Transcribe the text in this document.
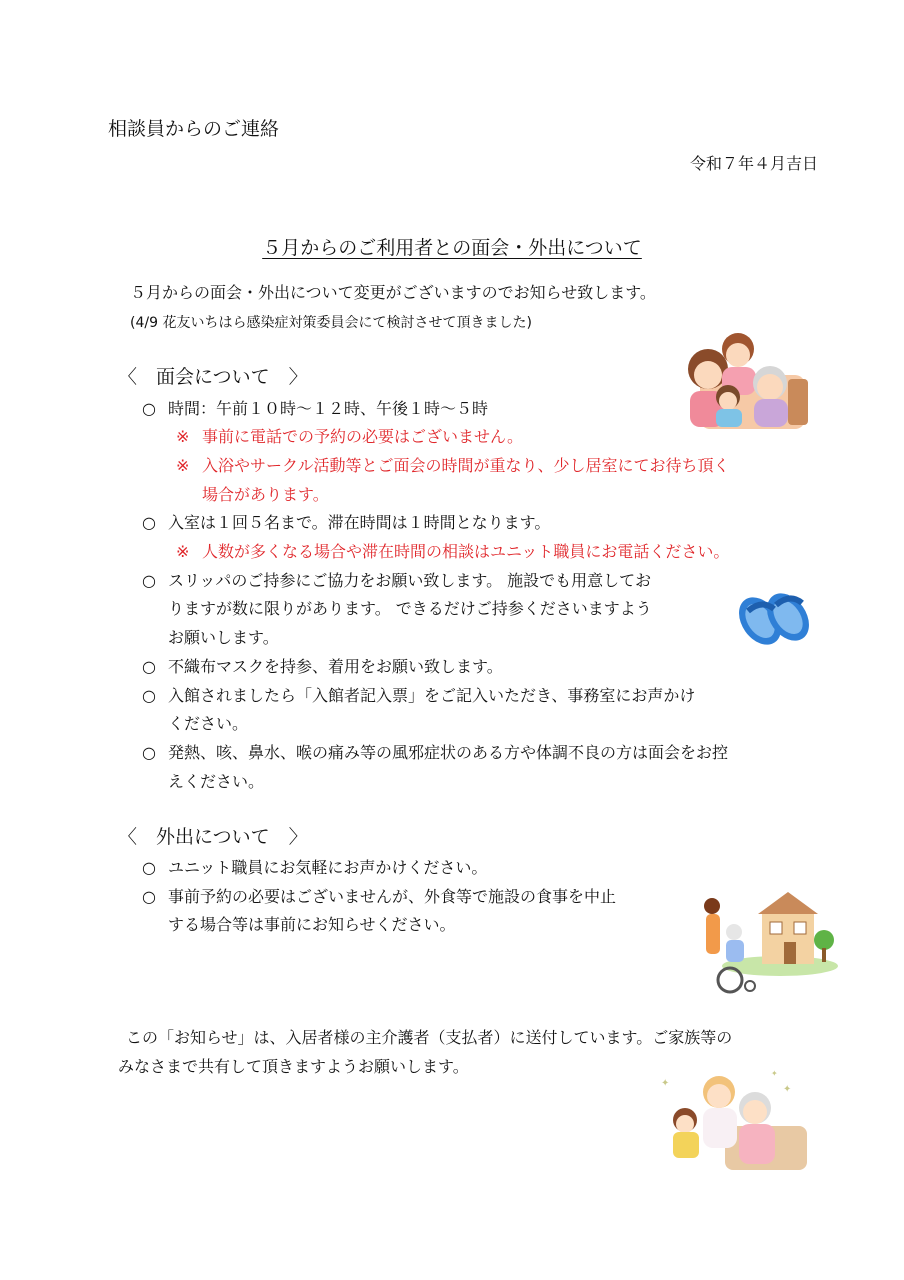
相談員からのご連絡
令和７年４月吉日
５月からのご利用者との面会・外出について
５月からの面会・外出について変更がございますのでお知らせ致します。
(4/9 花友いちはら感染症対策委員会にて検討させて頂きました)
〈　面会について　〉
○ 時間：午前１０時～１２時、午後１時～５時
※ 事前に電話での予約の必要はございません。
※ 入浴やサークル活動等とご面会の時間が重なり、少し居室にてお待ち頂く
場合があります。
○ 入室は１回５名まで。滞在時間は１時間となります。
※ 人数が多くなる場合や滞在時間の相談はユニット職員にお電話ください。
○ スリッパのご持参にご協力をお願い致します。 施設でも用意してお
りますが数に限りがあります。 できるだけご持参くださいますよう
お願いします。
○ 不織布マスクを持参、着用をお願い致します。
○ 入館されましたら「入館者記入票」をご記入いただき、事務室にお声かけ
ください。
○ 発熱、咳、鼻水、喉の痛み等の風邪症状のある方や体調不良の方は面会をお控
えください。
〈　外出について　〉
○ ユニット職員にお気軽にお声かけください。
○ 事前予約の必要はございませんが、外食等で施設の食事を中止
する場合等は事前にお知らせください。
この「お知らせ」は、入居者様の主介護者（支払者）に送付しています。ご家族等の
みなさまで共有して頂きますようお願いします。
✦
✦
✦
